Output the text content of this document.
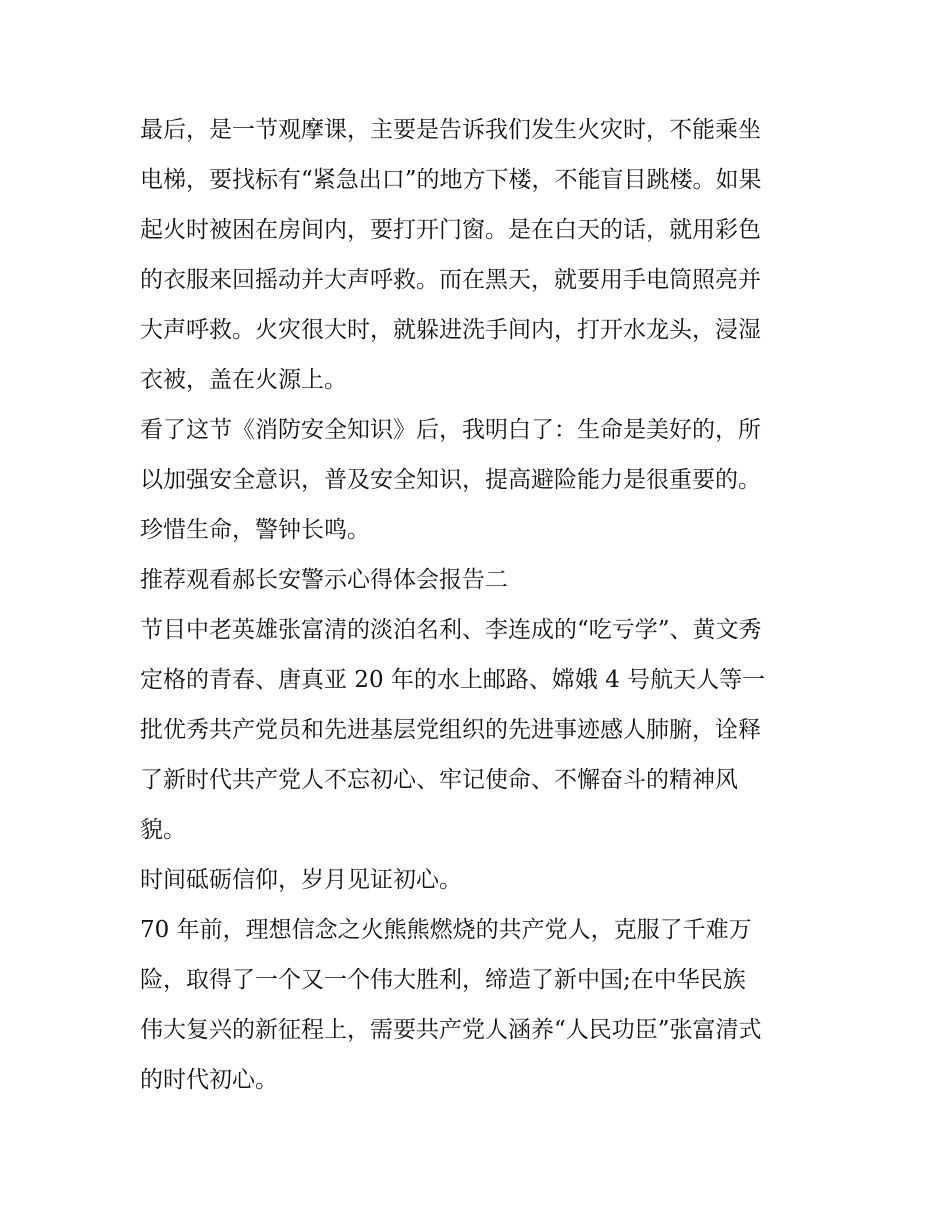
最后，是一节观摩课，主要是告诉我们发生火灾时，不能乘坐
电梯，要找标有“紧急出口”的地方下楼，不能盲目跳楼。如果
起火时被困在房间内，要打开门窗。是在白天的话，就用彩色
的衣服来回摇动并大声呼救。而在黑天，就要用手电筒照亮并
大声呼救。火灾很大时，就躲进洗手间内，打开水龙头，浸湿
衣被，盖在火源上。

看了这节《消防安全知识》后，我明白了：生命是美好的，所
以加强安全意识，普及安全知识，提高避险能力是很重要的。
珍惜生命，警钟长鸣。

推荐观看郝长安警示心得体会报告二

节目中老英雄张富清的淡泊名利、李连成的“吃亏学”、黄文秀
定格的青春、唐真亚 20 年的水上邮路、嫦娥 4 号航天人等一
批优秀共产党员和先进基层党组织的先进事迹感人肺腑，诠释
了新时代共产党人不忘初心、牢记使命、不懈奋斗的精神风
貌。

时间砥砺信仰，岁月见证初心。

70 年前，理想信念之火熊熊燃烧的共产党人，克服了千难万
险，取得了一个又一个伟大胜利，缔造了新中国;在中华民族
伟大复兴的新征程上，需要共产党人涵养“人民功臣”张富清式
的时代初心。
